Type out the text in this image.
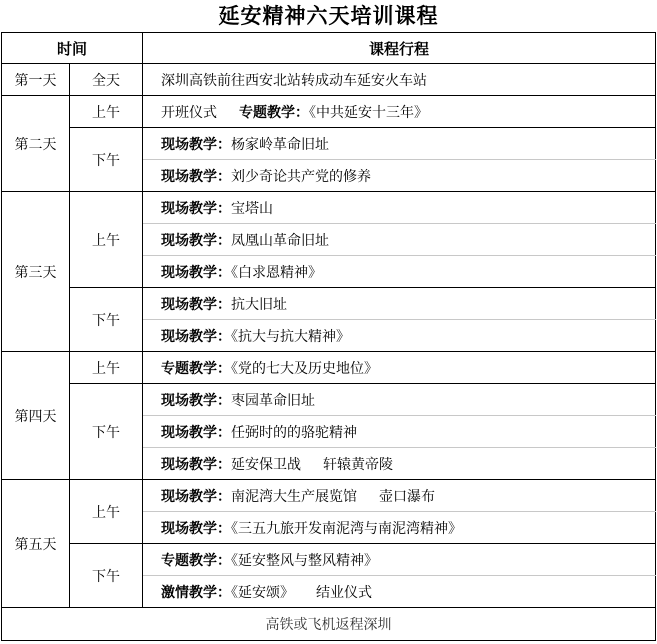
延安精神六天培训课程
时间		课程行程
第一天	全天	深圳高铁前往西安北站转成动车延安火车站
第二天	上午	开班仪式 专题教学：《中共延安十三年》
	下午	现场教学：杨家岭革命旧址
		现场教学：刘少奇论共产党的修养
第三天	上午	现场教学：宝塔山
		现场教学：凤凰山革命旧址
		现场教学：《白求恩精神》
	下午	现场教学：抗大旧址
		现场教学：《抗大与抗大精神》
第四天	上午	专题教学：《党的七大及历史地位》
	下午	现场教学：枣园革命旧址
		现场教学：任弼时的的骆驼精神
		现场教学：延安保卫战 轩辕黄帝陵
第五天	上午	现场教学：南泥湾大生产展览馆 壶口瀑布
		现场教学：《三五九旅开发南泥湾与南泥湾精神》
	下午	专题教学：《延安整风与整风精神》
		激情教学：《延安颂》 结业仪式
高铁或飞机返程深圳		
